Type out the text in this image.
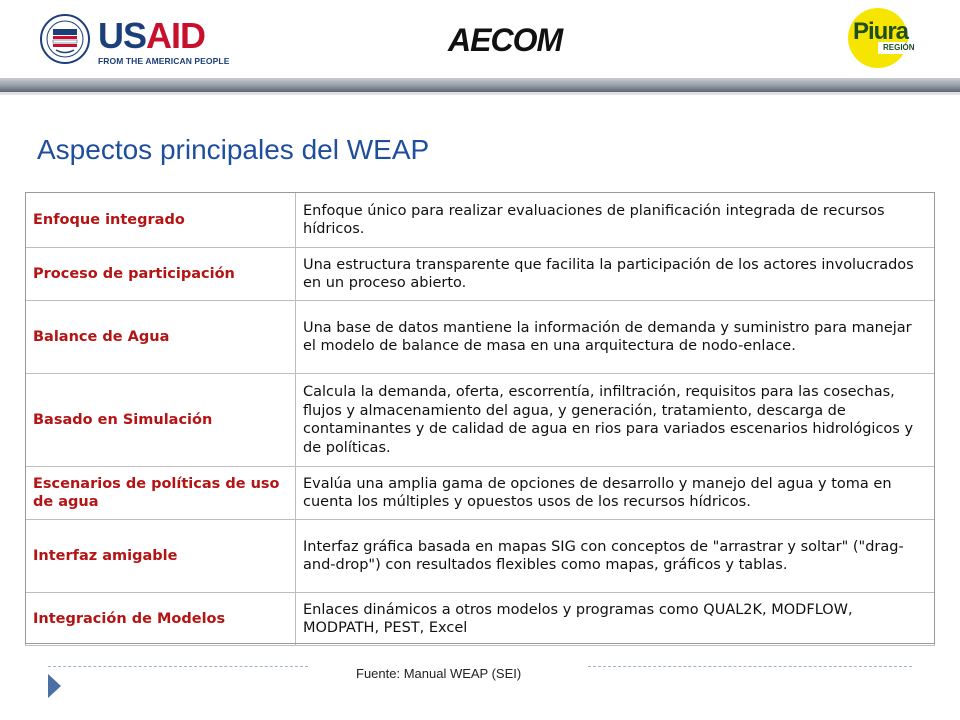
USAID
FROM THE AMERICAN PEOPLE
AECOM	Piura
REGIÓN
Aspectos principales del WEAP
Enfoque integrado	Enfoque único para realizar evaluaciones de planificación integrada de recursos hídricos.
Proceso de participación	Una estructura transparente que facilita la participación de los actores involucrados en un proceso abierto.
Balance de Agua	Una base de datos mantiene la información de demanda y suministro para manejar el modelo de balance de masa en una arquitectura de nodo-enlace.
Basado en Simulación	Calcula la demanda, oferta, escorrentía, infiltración, requisitos para las cosechas, flujos y almacenamiento del agua, y generación, tratamiento, descarga de contaminantes y de calidad de agua en rios para variados escenarios hidrológicos y de políticas.
Escenarios de políticas de uso de agua	Evalúa una amplia gama de opciones de desarrollo y manejo del agua y toma en cuenta los múltiples y opuestos usos de los recursos hídricos.
Interfaz amigable	Interfaz gráfica basada en mapas SIG con conceptos de "arrastrar y soltar" ("drag-and-drop") con resultados flexibles como mapas, gráficos y tablas.
Integración de Modelos	Enlaces dinámicos a otros modelos y programas como QUAL2K, MODFLOW, MODPATH, PEST, Excel
Fuente: Manual WEAP (SEI)
